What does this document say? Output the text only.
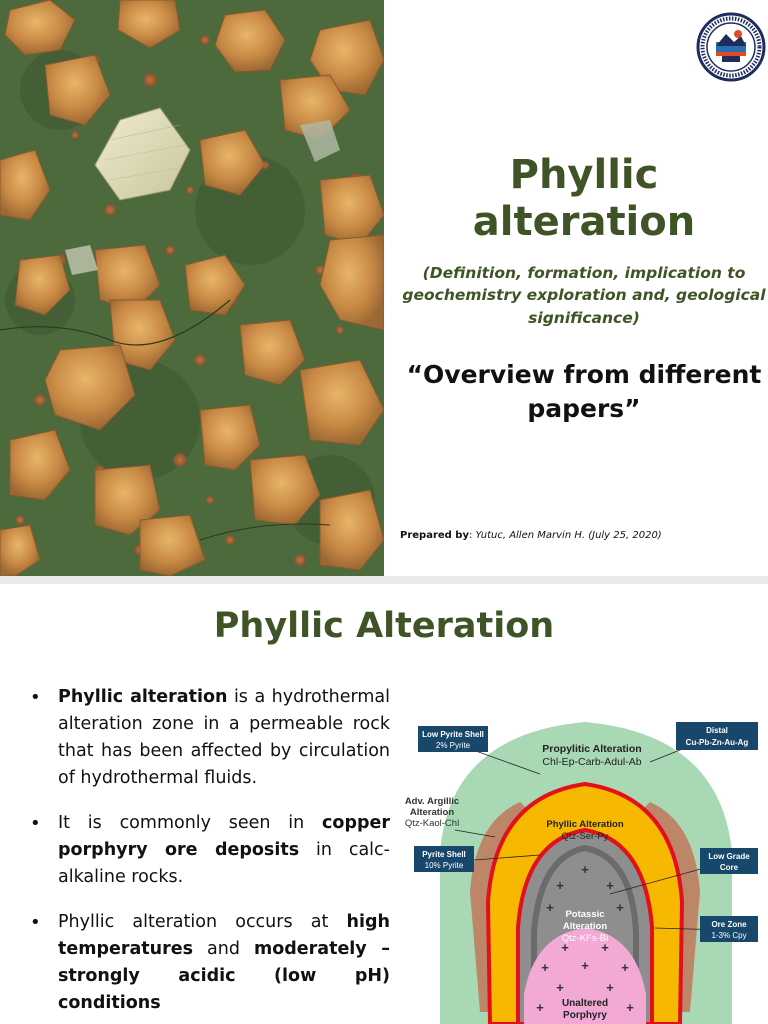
Phyllic alteration

(Definition, formation, implication to geochemistry exploration and, geological significance)

“Overview from different papers”

Prepared by: Yutuc, Allen Marvin H. (July 25, 2020)
Phyllic Alteration
• Phyllic alteration is a hydrothermal alteration zone in a permeable rock that has been affected by circulation of hydrothermal fluids.
• It is commonly seen in copper porphyry ore deposits in calc-alkaline rocks.
• Phyllic alteration occurs at high temperatures and moderately – strongly acidic (low pH) conditions
+
+	+
+	+
+ +
+ + +
+	+
+	+
Propylitic Alteration
Chl-Ep-Carb-Adul-Ab
Phyllic Alteration
Qtz-Ser-Py
Potassic
Alteration
Qtz-KFs-Bi
Unaltered
Porphyry
Adv. Argillic
Alteration
Qtz-Kaol-Chl
Low Pyrite Shell
2% Pyrite
Distal
Cu-Pb-Zn-Au-Ag
Pyrite Shell
10% Pyrite
Low Grade
Core
Ore Zone
1-3% Cpy
